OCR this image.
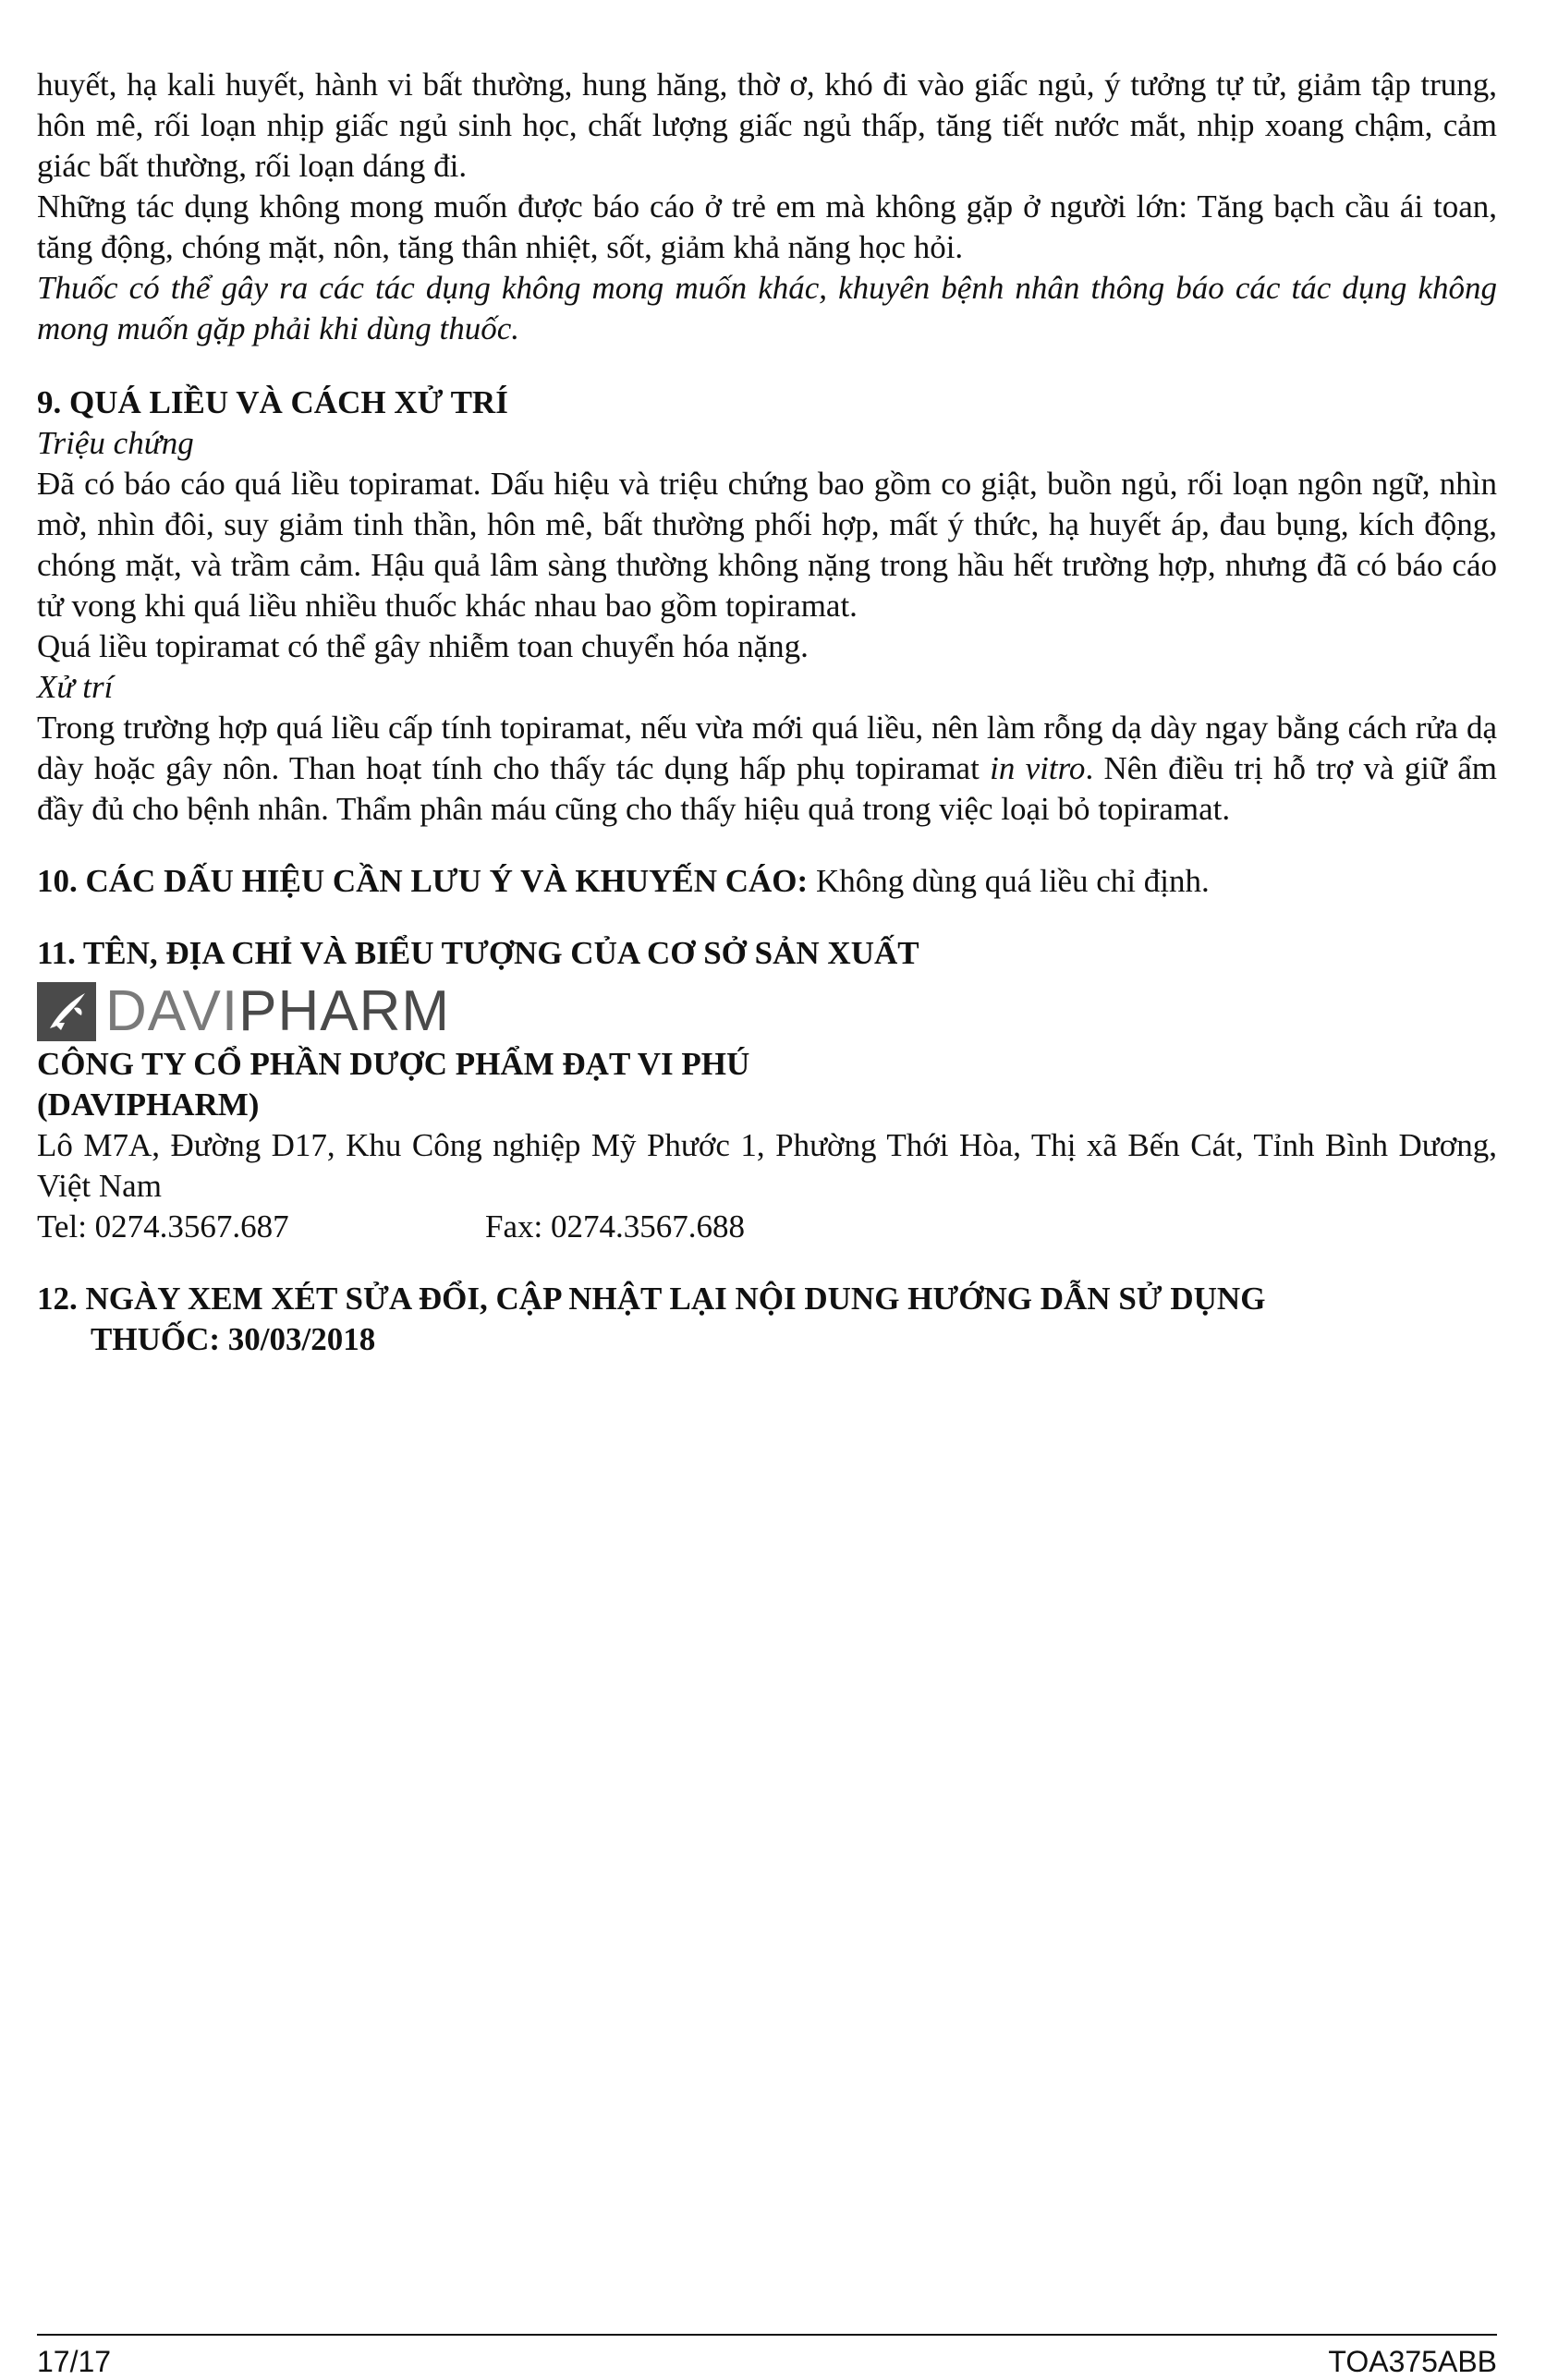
huyết, hạ kali huyết, hành vi bất thường, hung hăng, thờ ơ, khó đi vào giấc ngủ, ý tưởng tự tử, giảm tập trung, hôn mê, rối loạn nhịp giấc ngủ sinh học, chất lượng giấc ngủ thấp, tăng tiết nước mắt, nhịp xoang chậm, cảm giác bất thường, rối loạn dáng đi.

Những tác dụng không mong muốn được báo cáo ở trẻ em mà không gặp ở người lớn: Tăng bạch cầu ái toan, tăng động, chóng mặt, nôn, tăng thân nhiệt, sốt, giảm khả năng học hỏi.

Thuốc có thể gây ra các tác dụng không mong muốn khác, khuyên bệnh nhân thông báo các tác dụng không mong muốn gặp phải khi dùng thuốc.

9. QUÁ LIỀU VÀ CÁCH XỬ TRÍ

Triệu chứng

Đã có báo cáo quá liều topiramat. Dấu hiệu và triệu chứng bao gồm co giật, buồn ngủ, rối loạn ngôn ngữ, nhìn mờ, nhìn đôi, suy giảm tinh thần, hôn mê, bất thường phối hợp, mất ý thức, hạ huyết áp, đau bụng, kích động, chóng mặt, và trầm cảm. Hậu quả lâm sàng thường không nặng trong hầu hết trường hợp, nhưng đã có báo cáo tử vong khi quá liều nhiều thuốc khác nhau bao gồm topiramat.

Quá liều topiramat có thể gây nhiễm toan chuyển hóa nặng.

Xử trí

Trong trường hợp quá liều cấp tính topiramat, nếu vừa mới quá liều, nên làm rỗng dạ dày ngay bằng cách rửa dạ dày hoặc gây nôn. Than hoạt tính cho thấy tác dụng hấp phụ topiramat in vitro. Nên điều trị hỗ trợ và giữ ẩm đầy đủ cho bệnh nhân. Thẩm phân máu cũng cho thấy hiệu quả trong việc loại bỏ topiramat.

10. CÁC DẤU HIỆU CẦN LƯU Ý VÀ KHUYẾN CÁO: Không dùng quá liều chỉ định.

11. TÊN, ĐỊA CHỈ VÀ BIỂU TƯỢNG CỦA CƠ SỞ SẢN XUẤT

DAVIPHARM

CÔNG TY CỔ PHẦN DƯỢC PHẨM ĐẠT VI PHÚ

(DAVIPHARM)

Lô M7A, Đường D17, Khu Công nghiệp Mỹ Phước 1, Phường Thới Hòa, Thị xã Bến Cát, Tỉnh Bình Dương, Việt Nam

Tel: 0274.3567.687	Fax: 0274.3567.688

12. NGÀY XEM XÉT SỬA ĐỔI, CẬP NHẬT LẠI NỘI DUNG HƯỚNG DẪN SỬ DỤNG

THUỐC: 30/03/2018

17/17	TOA375ABB
